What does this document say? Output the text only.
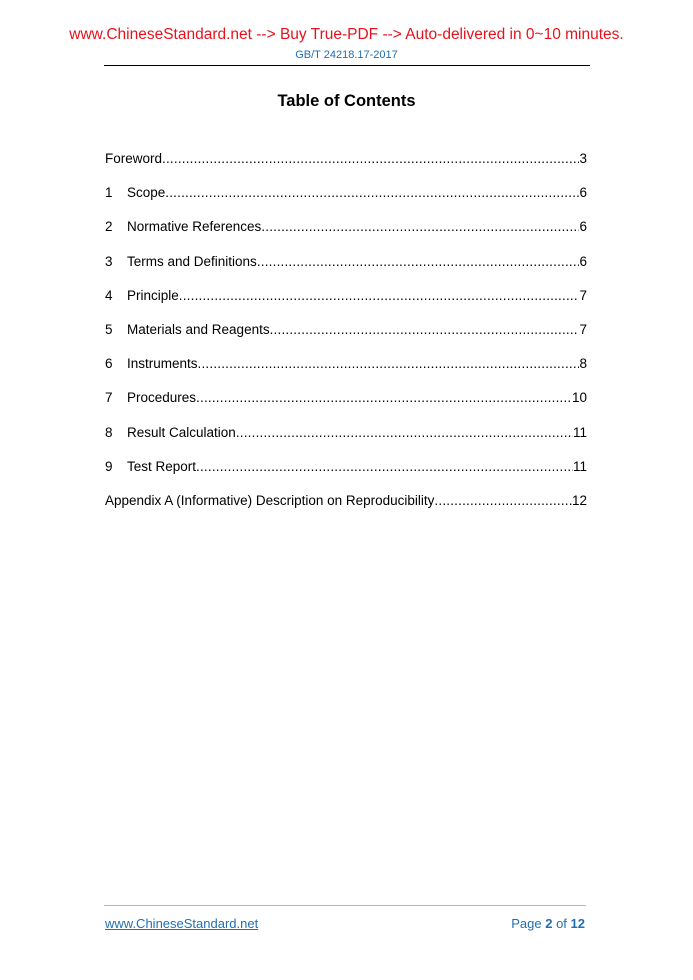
www.ChineseStandard.net --> Buy True-PDF --> Auto-delivered in 0~10 minutes.
GB/T 24218.17-2017
Table of Contents
Foreword .....	3
1	Scope .....	6
2	Normative References .....	6
3	Terms and Definitions .....	6
4	Principle .....	7
5	Materials and Reagents .....	7
6	Instruments .....	8
7	Procedures .....	10
8	Result Calculation .....	11
9	Test Report .....	11
Appendix A (Informative) Description on Reproducibility .....	12
www.ChineseStandard.net	Page 2 of 12
